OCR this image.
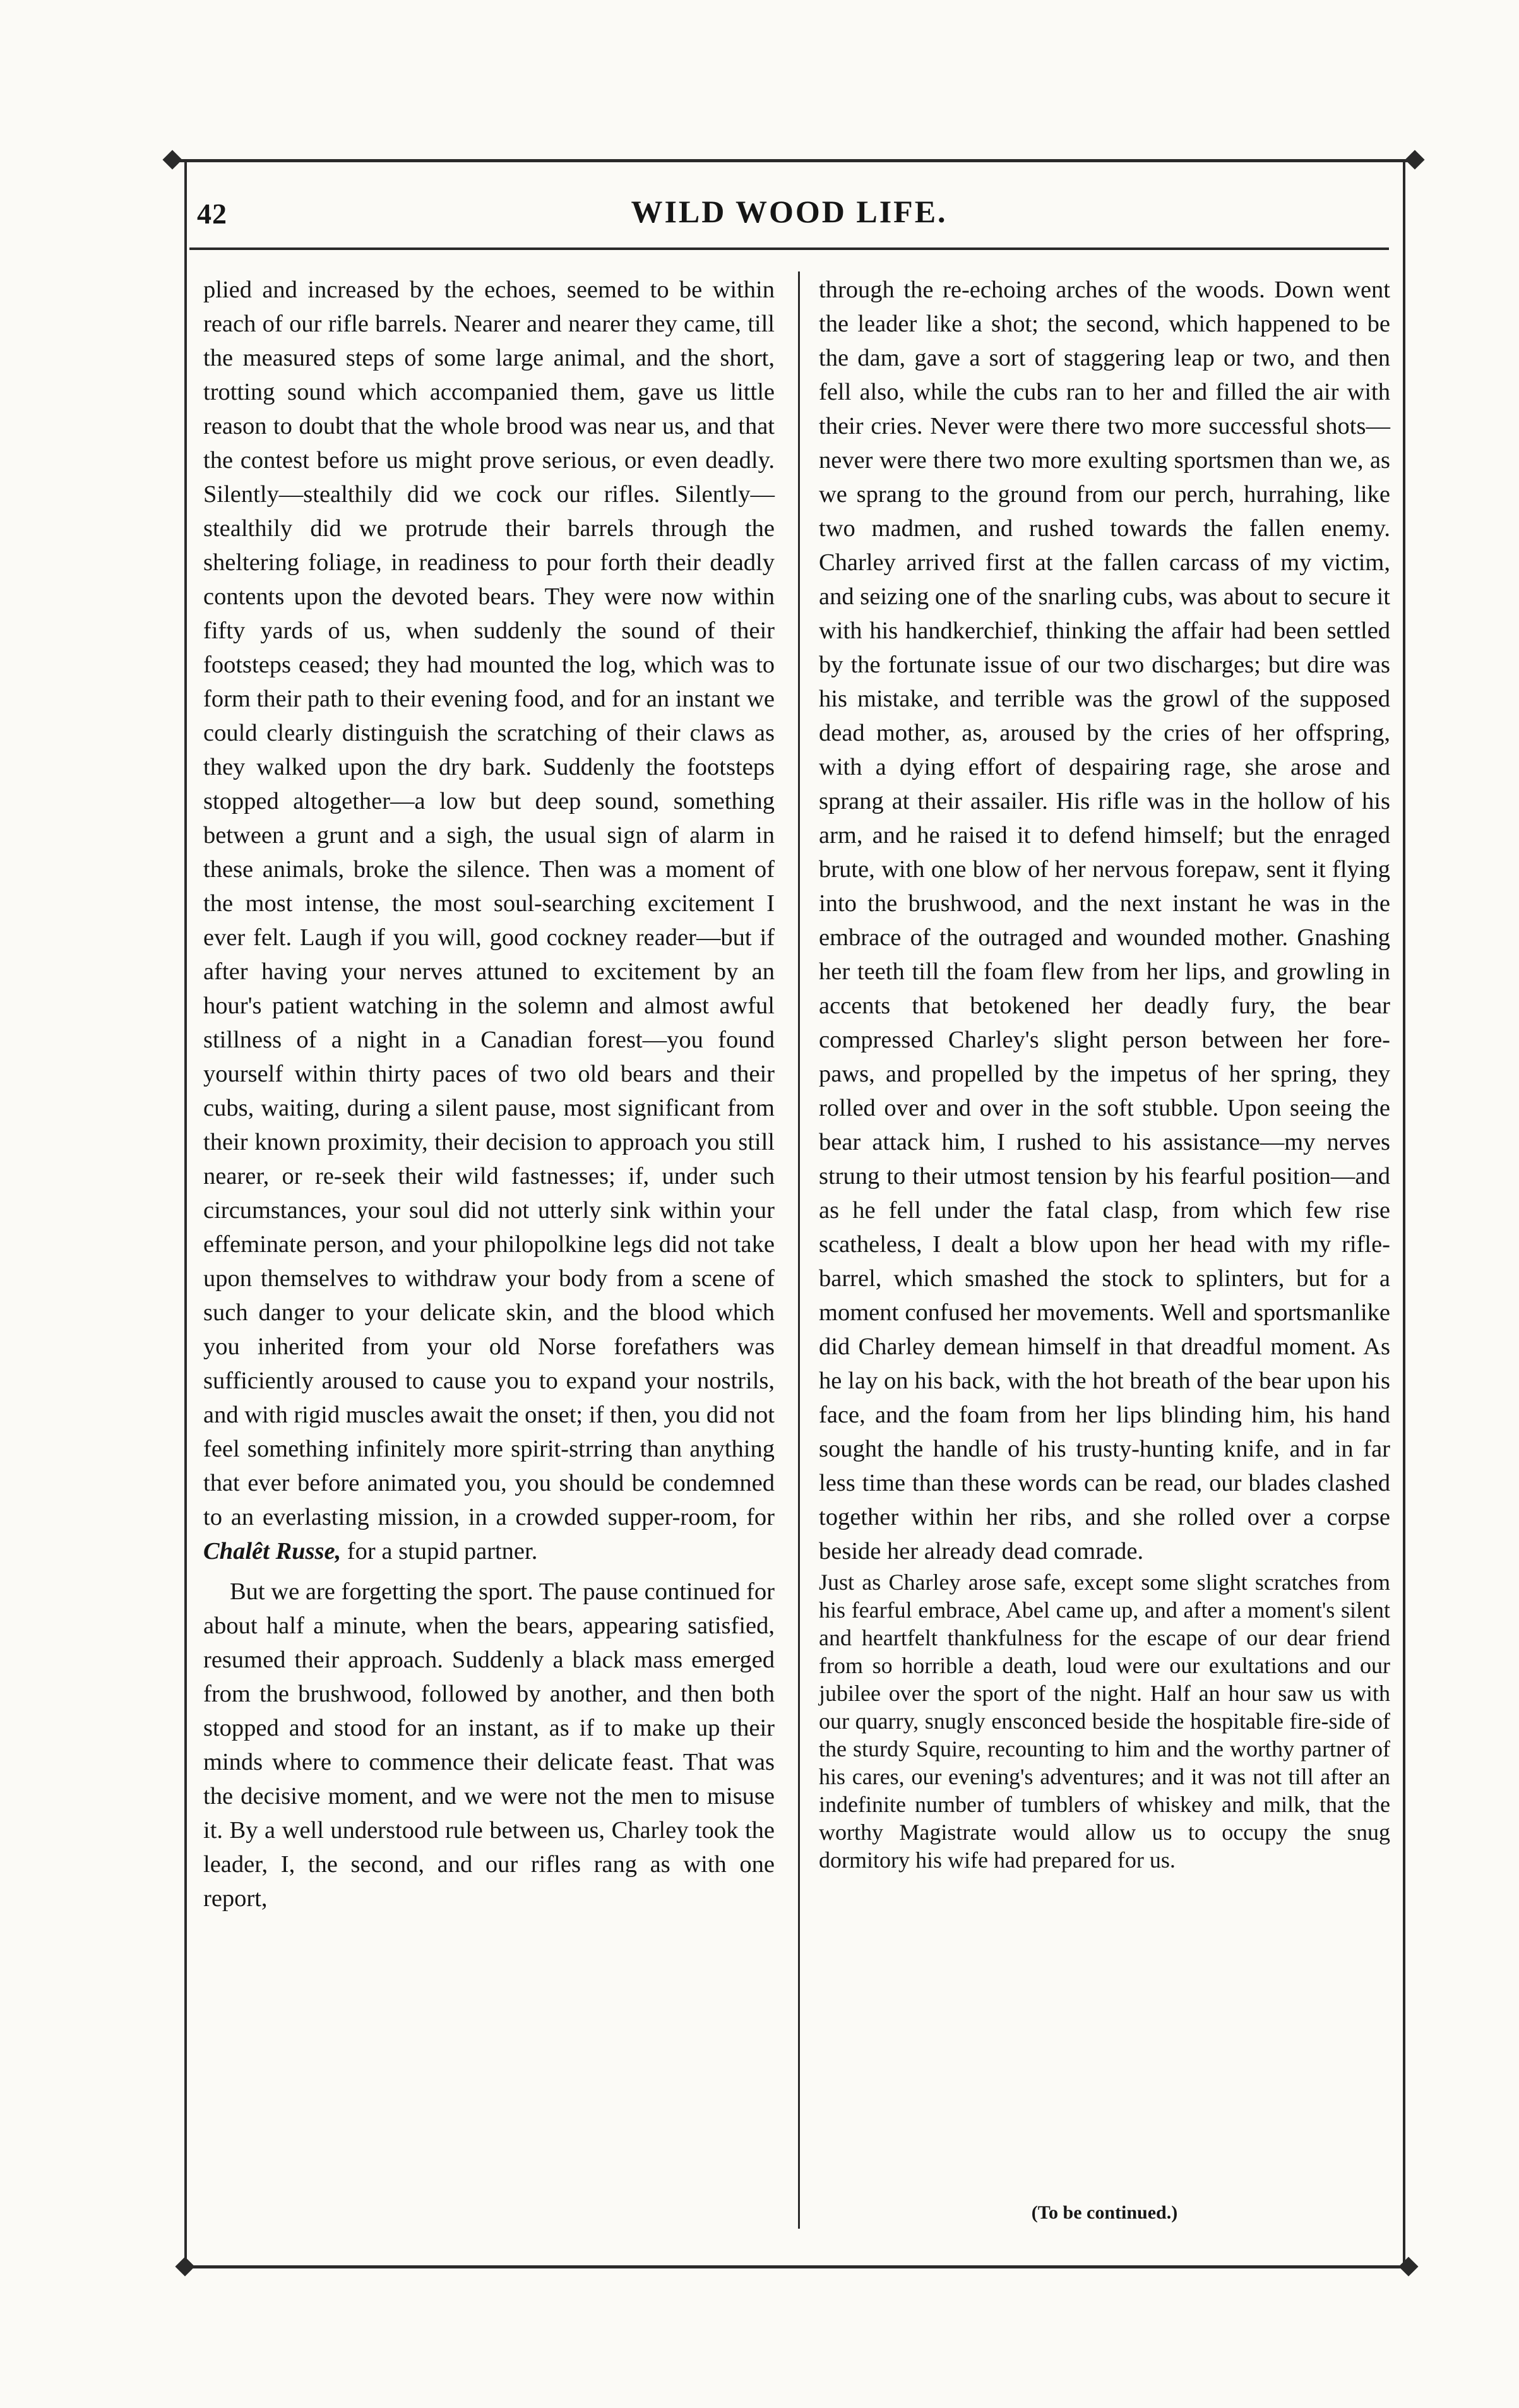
42	WILD WOOD LIFE.

plied and increased by the echoes, seemed to be within reach of our rifle barrels. Nearer and nearer they came, till the measured steps of some large animal, and the short, trotting sound which accompanied them, gave us little reason to doubt that the whole brood was near us, and that the contest before us might prove serious, or even deadly. Silently—stealthily did we cock our rifles. Silently—stealthily did we protrude their barrels through the sheltering foliage, in readiness to pour forth their deadly contents upon the devoted bears. They were now within fifty yards of us, when suddenly the sound of their footsteps ceased; they had mounted the log, which was to form their path to their evening food, and for an instant we could clearly distinguish the scratching of their claws as they walked upon the dry bark. Suddenly the footsteps stopped altogether—a low but deep sound, something between a grunt and a sigh, the usual sign of alarm in these animals, broke the silence. Then was a moment of the most intense, the most soul-searching excitement I ever felt. Laugh if you will, good cockney reader—but if after having your nerves attuned to excitement by an hour's patient watching in the solemn and almost awful stillness of a night in a Canadian forest—you found yourself within thirty paces of two old bears and their cubs, waiting, during a silent pause, most significant from their known proximity, their decision to approach you still nearer, or re-seek their wild fastnesses; if, under such circumstances, your soul did not utterly sink within your effeminate person, and your philopolkine legs did not take upon themselves to withdraw your body from a scene of such danger to your delicate skin, and the blood which you inherited from your old Norse forefathers was sufficiently aroused to cause you to expand your nostrils, and with rigid muscles await the onset; if then, you did not feel something infinitely more spirit-strring than anything that ever before animated you, you should be condemned to an everlasting mission, in a crowded supper-room, for Chalêt Russe, for a stupid partner.

But we are forgetting the sport. The pause continued for about half a minute, when the bears, appearing satisfied, resumed their approach. Suddenly a black mass emerged from the brushwood, followed by another, and then both stopped and stood for an instant, as if to make up their minds where to commence their delicate feast. That was the decisive moment, and we were not the men to misuse it. By a well understood rule between us, Charley took the leader, I, the second, and our rifles rang as with one report,

through the re-echoing arches of the woods. Down went the leader like a shot; the second, which happened to be the dam, gave a sort of staggering leap or two, and then fell also, while the cubs ran to her and filled the air with their cries. Never were there two more successful shots—never were there two more exulting sportsmen than we, as we sprang to the ground from our perch, hurrahing, like two madmen, and rushed towards the fallen enemy. Charley arrived first at the fallen carcass of my victim, and seizing one of the snarling cubs, was about to secure it with his handkerchief, thinking the affair had been settled by the fortunate issue of our two discharges; but dire was his mistake, and terrible was the growl of the supposed dead mother, as, aroused by the cries of her offspring, with a dying effort of despairing rage, she arose and sprang at their assailer. His rifle was in the hollow of his arm, and he raised it to defend himself; but the enraged brute, with one blow of her nervous forepaw, sent it flying into the brushwood, and the next instant he was in the embrace of the outraged and wounded mother. Gnashing her teeth till the foam flew from her lips, and growling in accents that betokened her deadly fury, the bear compressed Charley's slight person between her fore-paws, and propelled by the impetus of her spring, they rolled over and over in the soft stubble. Upon seeing the bear attack him, I rushed to his assistance—my nerves strung to their utmost tension by his fearful position—and as he fell under the fatal clasp, from which few rise scatheless, I dealt a blow upon her head with my rifle-barrel, which smashed the stock to splinters, but for a moment confused her movements. Well and sportsmanlike did Charley demean himself in that dreadful moment. As he lay on his back, with the hot breath of the bear upon his face, and the foam from her lips blinding him, his hand sought the handle of his trusty-hunting knife, and in far less time than these words can be read, our blades clashed together within her ribs, and she rolled over a corpse beside her already dead comrade.

Just as Charley arose safe, except some slight scratches from his fearful embrace, Abel came up, and after a moment's silent and heartfelt thankfulness for the escape of our dear friend from so horrible a death, loud were our exultations and our jubilee over the sport of the night. Half an hour saw us with our quarry, snugly ensconced beside the hospitable fire-side of the sturdy Squire, recounting to him and the worthy partner of his cares, our evening's adventures; and it was not till after an indefinite number of tumblers of whiskey and milk, that the worthy Magistrate would allow us to occupy the snug dormitory his wife had prepared for us.

(To be continued.)
